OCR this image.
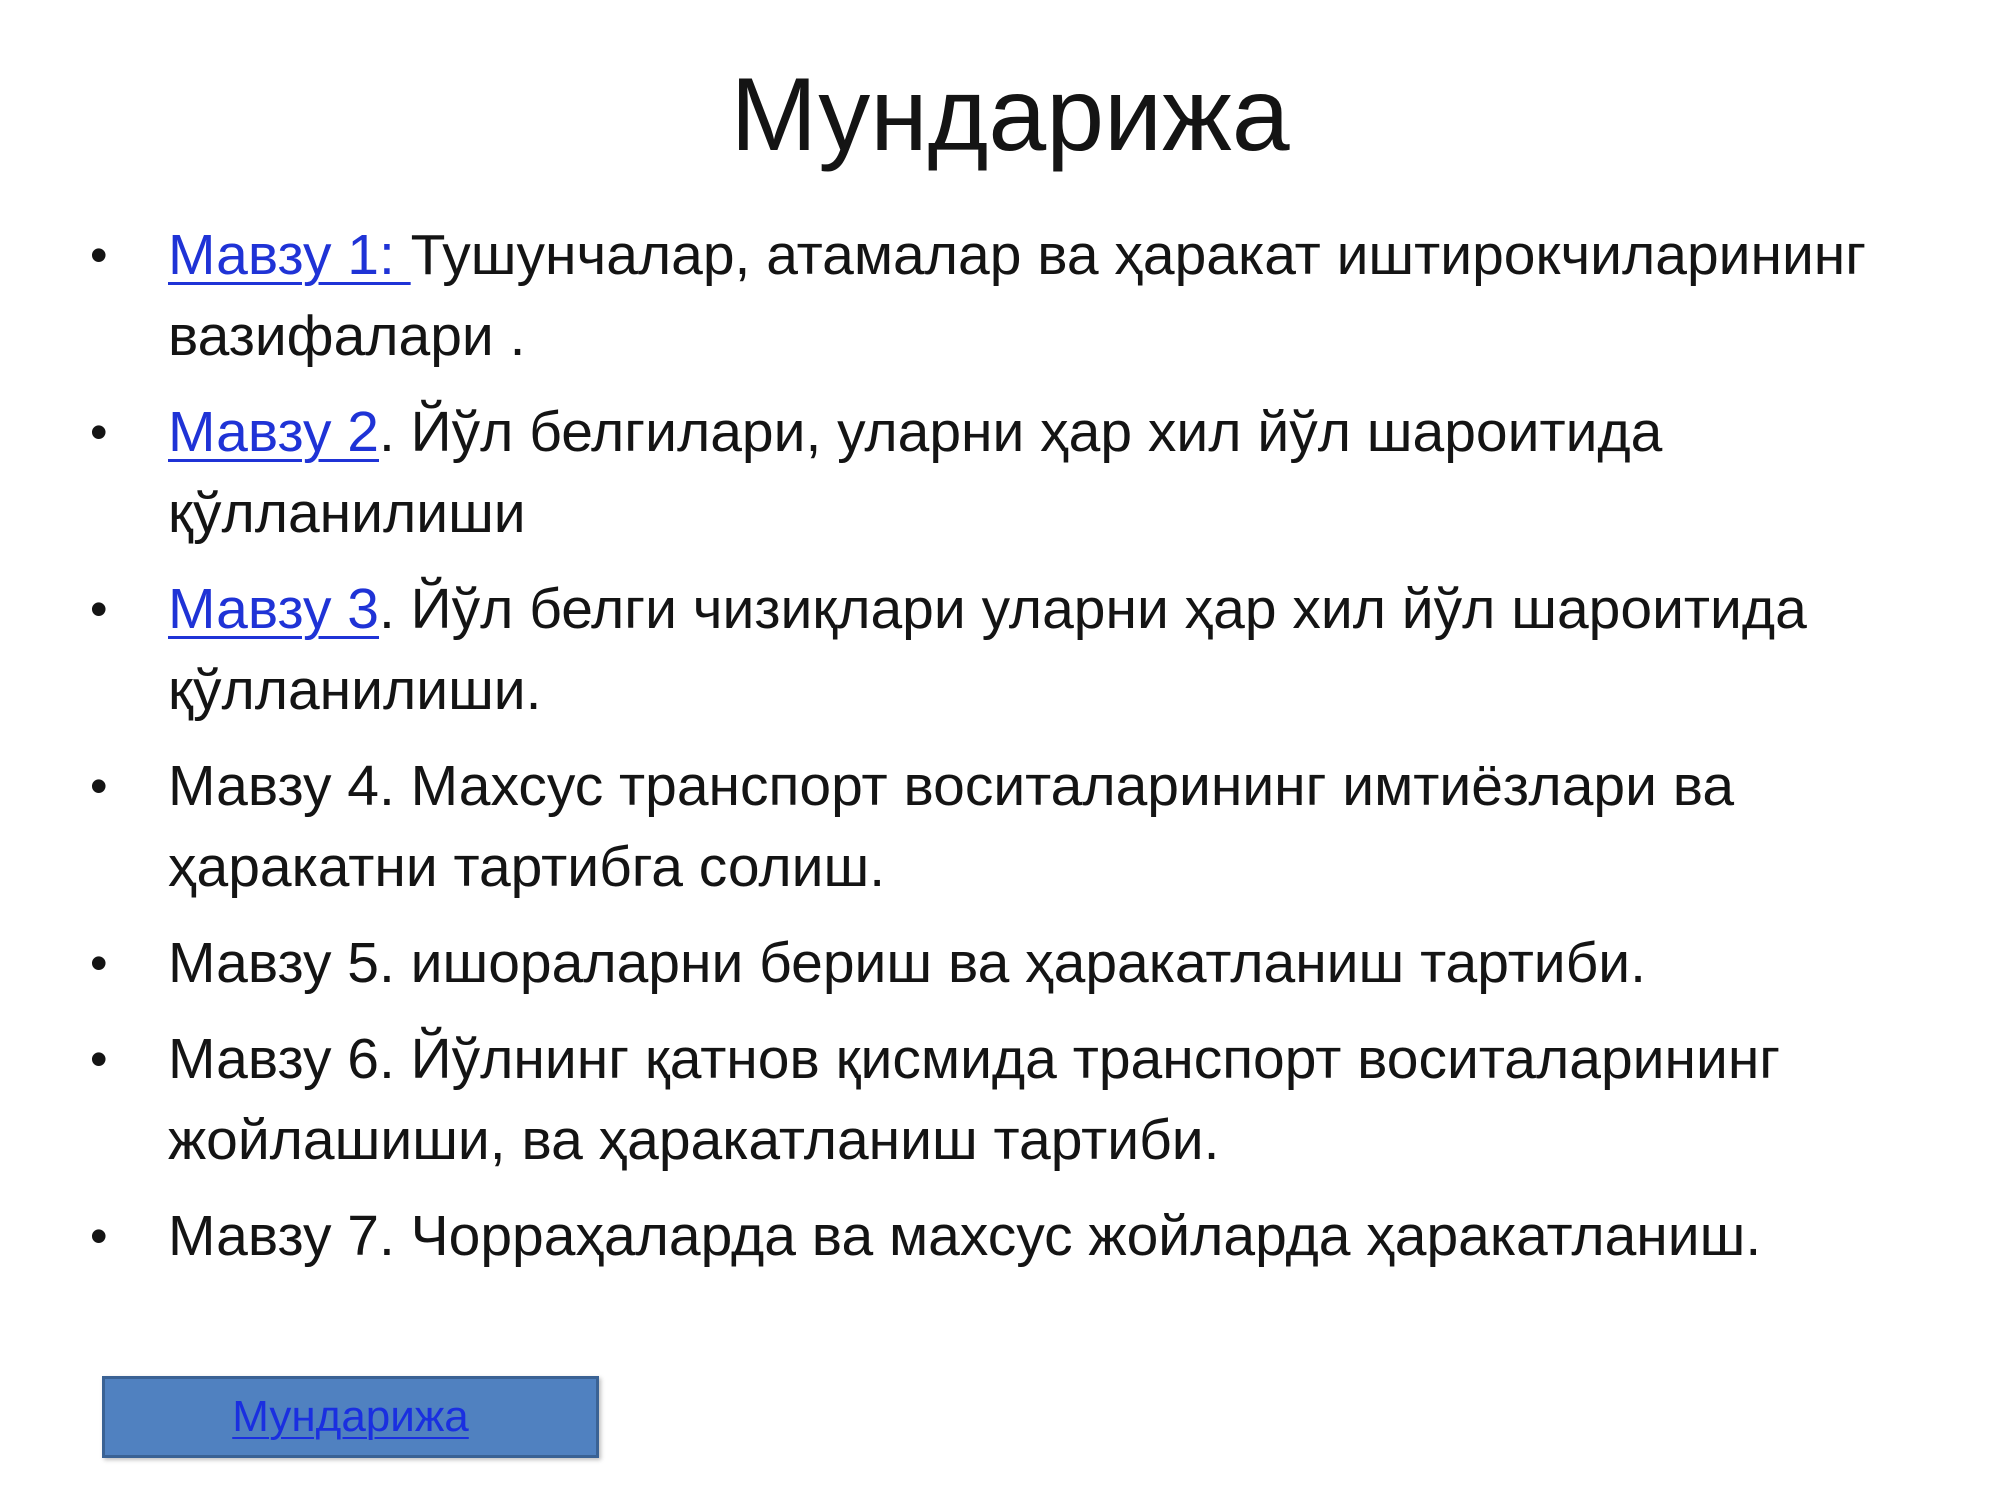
Мундарижа
•	Мавзу 1: Тушунчалар, атамалар ва ҳаракат иштирокчиларининг вазифалари .
•	Мавзу 2. Йўл белгилари, уларни ҳар хил йўл шароитида қўлланилиши
•	Мавзу 3. Йўл белги чизиқлари уларни ҳар хил йўл шароитида қўлланилиши.
•	Мавзу 4. Махсус транспорт воситаларининг имтиёзлари ва ҳаракатни тартибга солиш.
•	Мавзу 5. ишораларни бериш ва ҳаракатланиш тартиби.
•	Мавзу 6. Йўлнинг қатнов қисмида транспорт воситаларининг жойлашиши, ва ҳаракатланиш тартиби.
•	Мавзу 7. Чорраҳаларда ва махсус жойларда ҳаракатланиш.
Мундарижа
